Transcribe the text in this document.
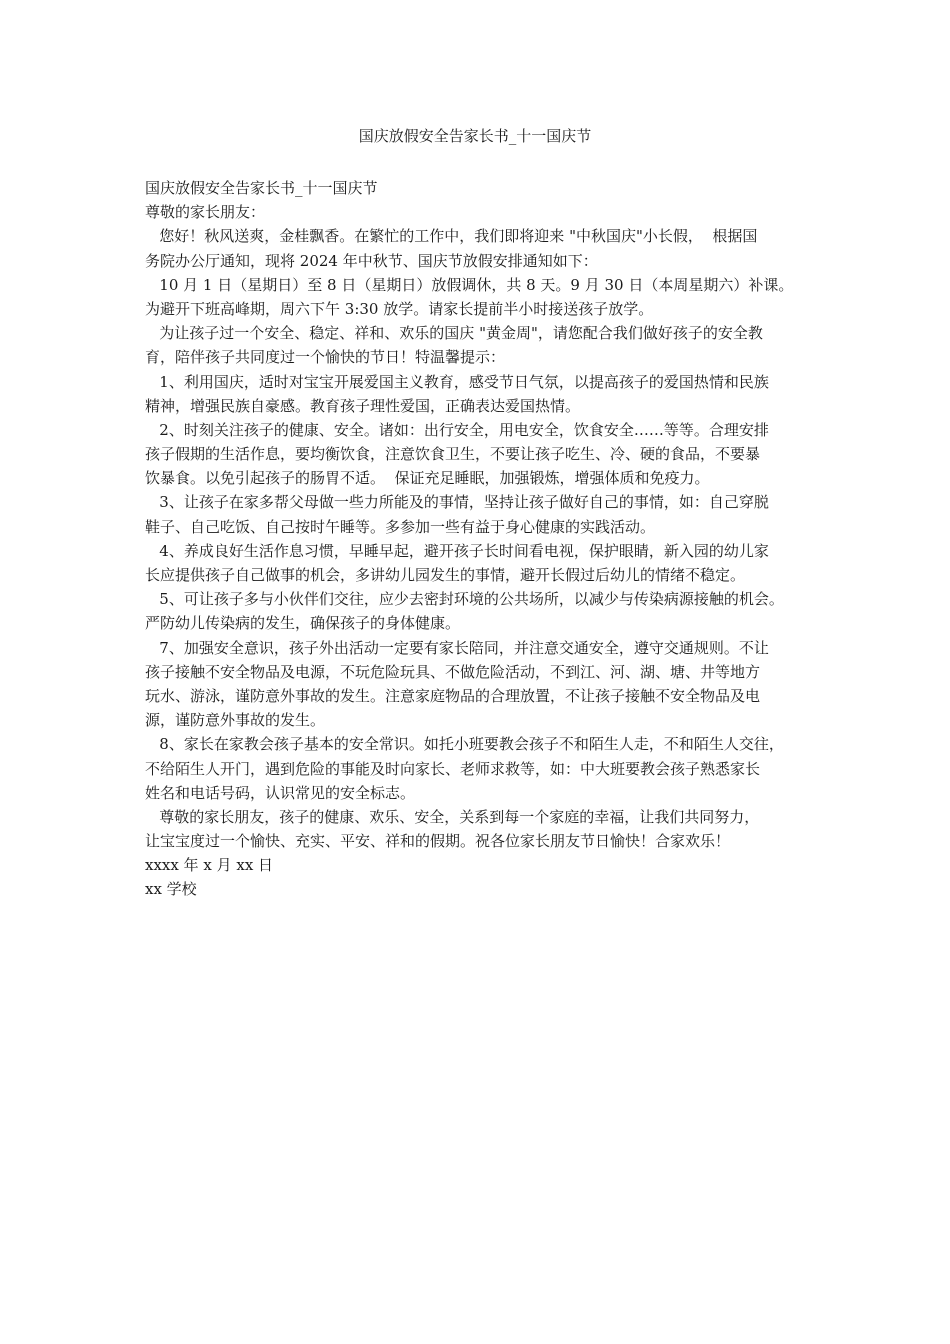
国庆放假安全告家长书_十一国庆节
国庆放假安全告家长书_十一国庆节
尊敬的家长朋友：
您好！秋风送爽，金桂飘香。在繁忙的工作中，我们即将迎来 "中秋国庆"小长假，  根据国
务院办公厅通知，现将 2024 年中秋节、国庆节放假安排通知如下：
10 月 1 日（星期日）至 8 日（星期日）放假调休，共 8 天。9 月 30 日（本周星期六）补课。
为避开下班高峰期，周六下午 3:30 放学。请家长提前半小时接送孩子放学。
为让孩子过一个安全、稳定、祥和、欢乐的国庆 "黄金周"，请您配合我们做好孩子的安全教
育，陪伴孩子共同度过一个愉快的节日！特温馨提示：
1、利用国庆，适时对宝宝开展爱国主义教育，感受节日气氛，以提高孩子的爱国热情和民族
精神，增强民族自豪感。教育孩子理性爱国，正确表达爱国热情。
2、时刻关注孩子的健康、安全。诸如：出行安全，用电安全，饮食安全……等等。合理安排
孩子假期的生活作息，要均衡饮食，注意饮食卫生，不要让孩子吃生、冷、硬的食品，不要暴
饮暴食。以免引起孩子的肠胃不适。  保证充足睡眠，加强锻炼，增强体质和免疫力。
3、让孩子在家多帮父母做一些力所能及的事情，坚持让孩子做好自己的事情，如：自己穿脱
鞋子、自己吃饭、自己按时午睡等。多参加一些有益于身心健康的实践活动。
4、养成良好生活作息习惯，早睡早起，避开孩子长时间看电视，保护眼睛，新入园的幼儿家
长应提供孩子自己做事的机会，多讲幼儿园发生的事情，避开长假过后幼儿的情绪不稳定。
5、可让孩子多与小伙伴们交往，应少去密封环境的公共场所，以减少与传染病源接触的机会。
严防幼儿传染病的发生，确保孩子的身体健康。
7、加强安全意识，孩子外出活动一定要有家长陪同，并注意交通安全，遵守交通规则。不让
孩子接触不安全物品及电源，不玩危险玩具、不做危险活动，不到江、河、湖、塘、井等地方
玩水、游泳，谨防意外事故的发生。注意家庭物品的合理放置，不让孩子接触不安全物品及电
源，谨防意外事故的发生。
8、家长在家教会孩子基本的安全常识。如托小班要教会孩子不和陌生人走，不和陌生人交往，
不给陌生人开门，遇到危险的事能及时向家长、老师求救等，如：中大班要教会孩子熟悉家长
姓名和电话号码，认识常见的安全标志。
尊敬的家长朋友，孩子的健康、欢乐、安全，关系到每一个家庭的幸福，让我们共同努力，
让宝宝度过一个愉快、充实、平安、祥和的假期。祝各位家长朋友节日愉快！合家欢乐！
xxxx 年 x 月 xx 日
xx 学校
